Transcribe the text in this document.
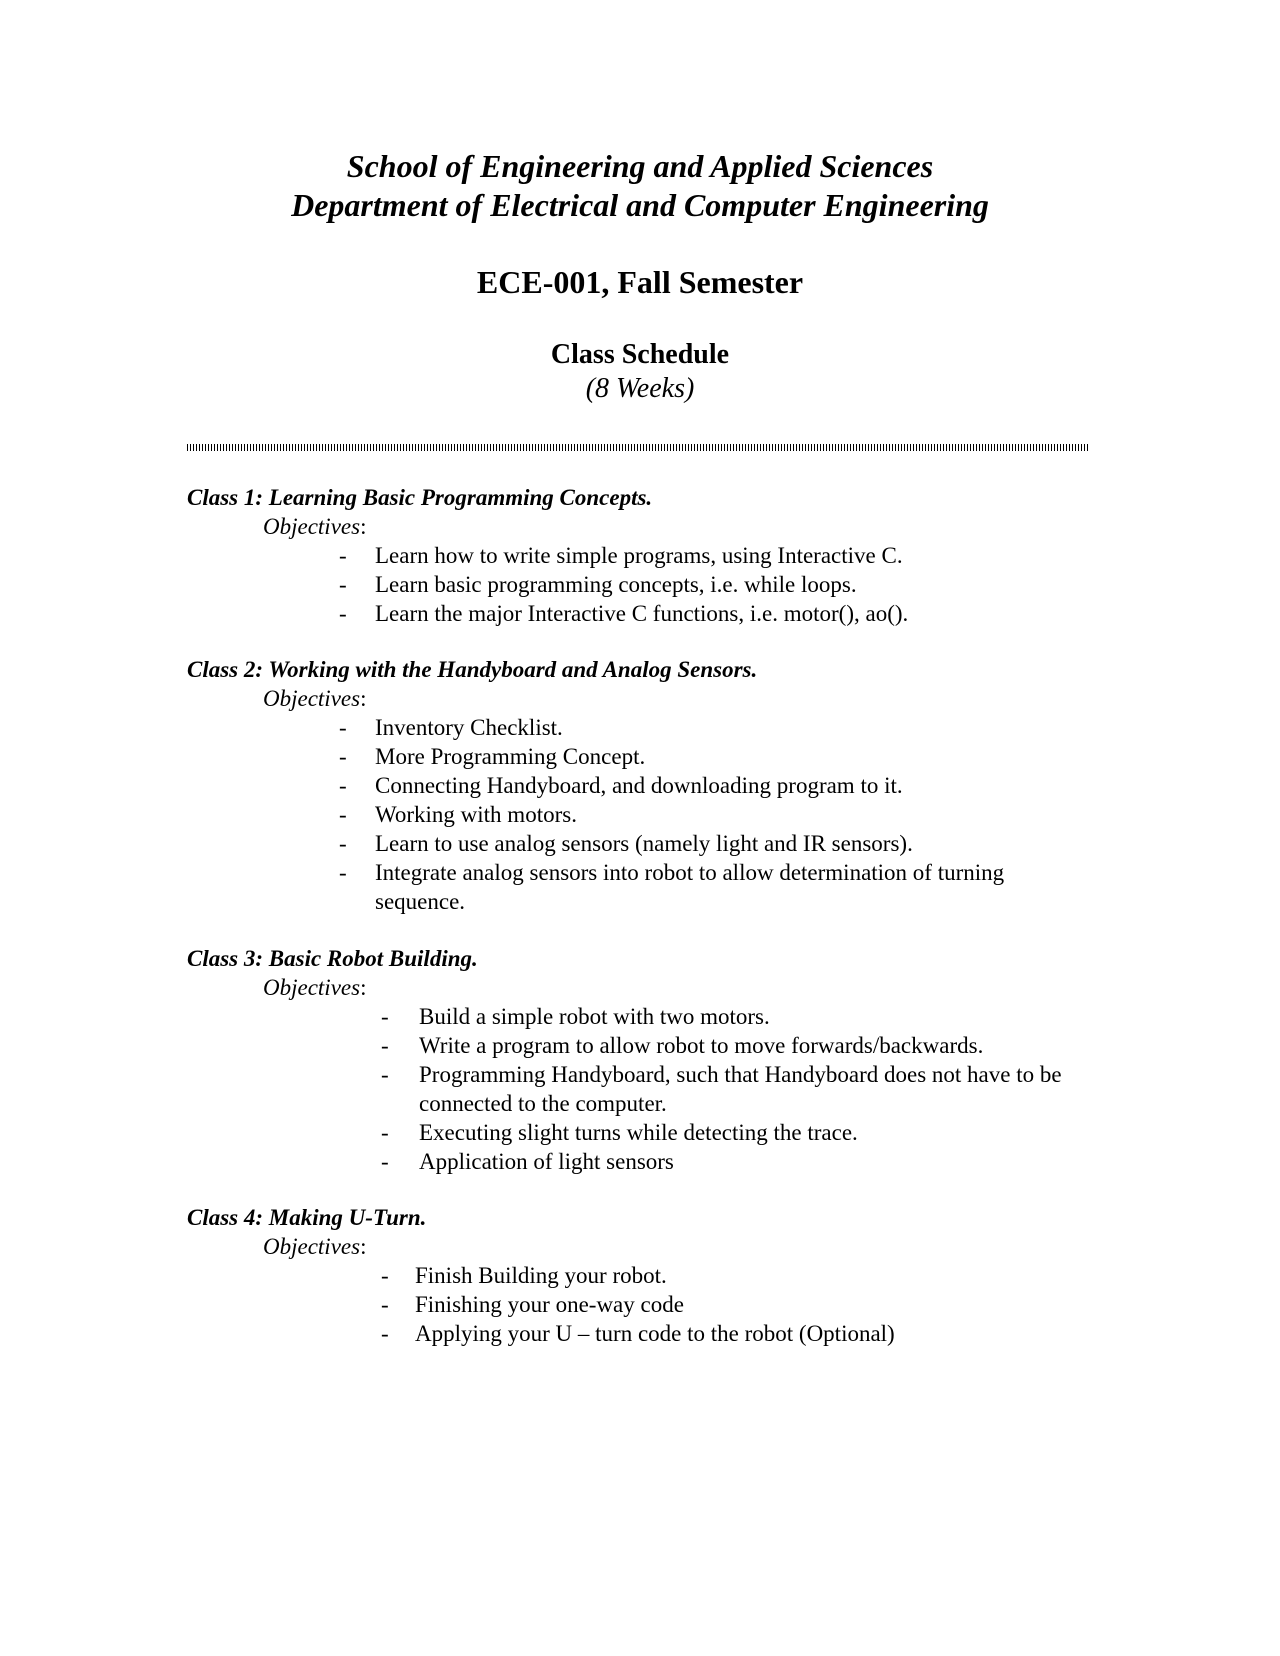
School of Engineering and Applied Sciences
Department of Electrical and Computer Engineering
ECE-001, Fall Semester
Class Schedule
(8 Weeks)
Class 1: Learning Basic Programming Concepts.
Objectives:
- Learn how to write simple programs, using Interactive C.
- Learn basic programming concepts, i.e. while loops.
- Learn the major Interactive C functions, i.e. motor(), ao().
Class 2: Working with the Handyboard and Analog Sensors.
Objectives:
- Inventory Checklist.
- More Programming Concept.
- Connecting Handyboard, and downloading program to it.
- Working with motors.
- Learn to use analog sensors (namely light and IR sensors).
- Integrate analog sensors into robot to allow determination of turning sequence.
Class 3: Basic Robot Building.
Objectives:
- Build a simple robot with two motors.
- Write a program to allow robot to move forwards/backwards.
- Programming Handyboard, such that Handyboard does not have to be connected to the computer.
- Executing slight turns while detecting the trace.
- Application of light sensors
Class 4: Making U-Turn.
Objectives:
- Finish Building your robot.
- Finishing your one-way code
- Applying your U – turn code to the robot (Optional)
